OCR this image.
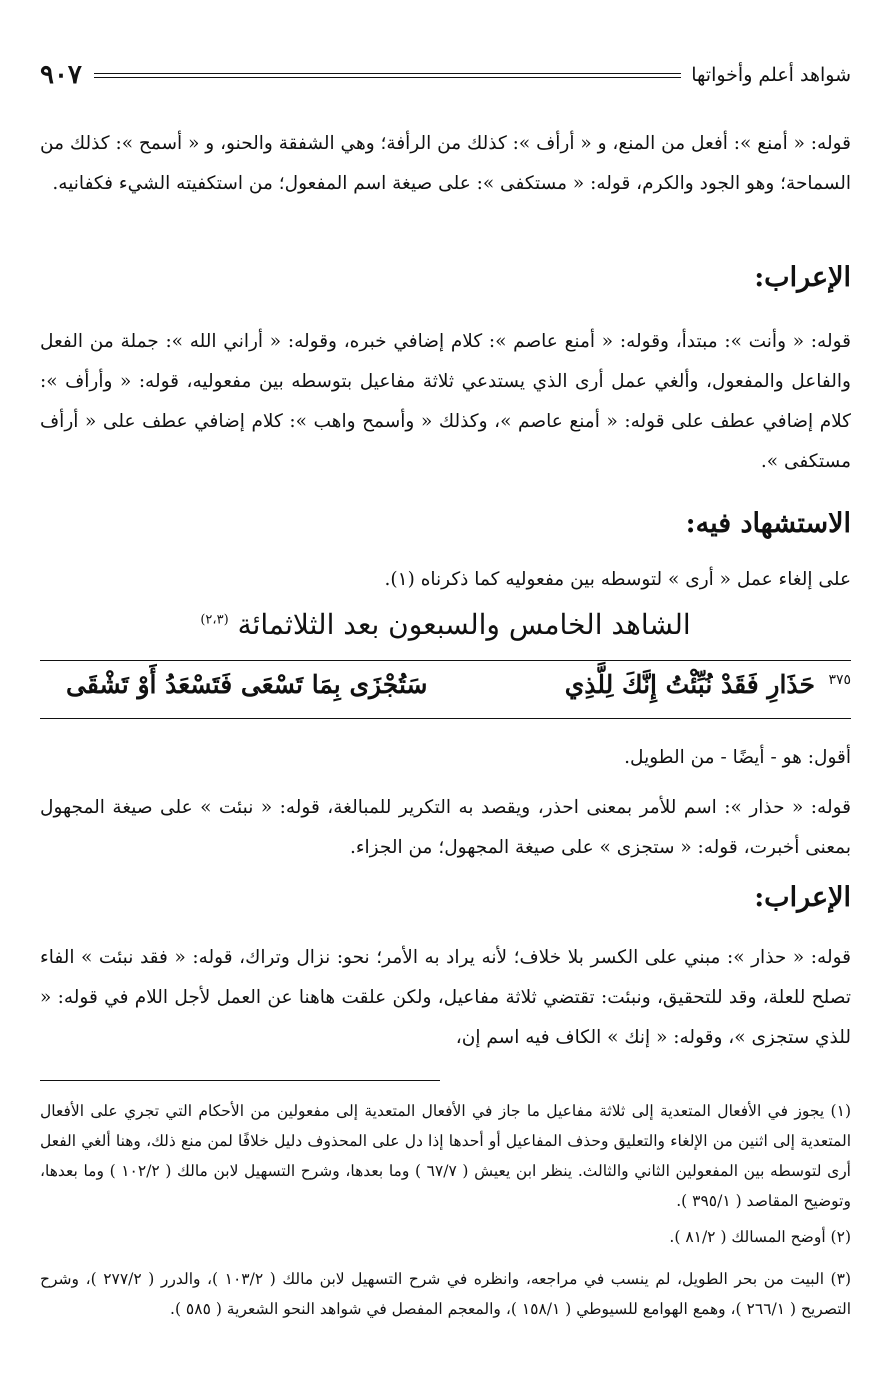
شواهد أعلم وأخواتها
٩٠٧
قوله: « أمنع »: أفعل من المنع، و « أرأف »: كذلك من الرأفة؛ وهي الشفقة والحنو، و « أسمح »: كذلك من السماحة؛ وهو الجود والكرم، قوله: « مستكفى »: على صيغة اسم المفعول؛ من استكفيته الشيء فكفانيه.
الإعراب:
قوله: « وأنت »: مبتدأ، وقوله: « أمنع عاصم »: كلام إضافي خبره، وقوله: « أراني الله »: جملة من الفعل والفاعل والمفعول، وألغي عمل أرى الذي يستدعي ثلاثة مفاعيل بتوسطه بين مفعوليه، قوله: « وأرأف »: كلام إضافي عطف على قوله: « أمنع عاصم »، وكذلك « وأسمح واهب »: كلام إضافي عطف على « أرأف مستكفى ».
الاستشهاد فيه:
على إلغاء عمل « أرى » لتوسطه بين مفعوليه كما ذكرناه (١).
الشاهد الخامس والسبعون بعد الثلاثمائة $^{(٢،٣)}$
٣٧٥
حَذَارِ فَقَدْ نُبِّئْتُ إِنَّكَ لِلَّذِي
سَتُجْزَى بِمَا تَسْعَى فَتَسْعَدُ أَوْ تَشْقَى
أقول: هو - أيضًا - من الطويل.
قوله: « حذار »: اسم للأمر بمعنى احذر، ويقصد به التكرير للمبالغة، قوله: « نبئت » على صيغة المجهول بمعنى أخبرت، قوله: « ستجزى » على صيغة المجهول؛ من الجزاء.
الإعراب:
قوله: « حذار »: مبني على الكسر بلا خلاف؛ لأنه يراد به الأمر؛ نحو: نزال وتراك، قوله: « فقد نبئت » الفاء تصلح للعلة، وقد للتحقيق، ونبئت: تقتضي ثلاثة مفاعيل، ولكن علقت هاهنا عن العمل لأجل اللام في قوله: « للذي ستجزى »، وقوله: « إنك » الكاف فيه اسم إن،
(١) يجوز في الأفعال المتعدية إلى ثلاثة مفاعيل ما جاز في الأفعال المتعدية إلى مفعولين من الأحكام التي تجري على الأفعال المتعدية إلى اثنين من الإلغاء والتعليق وحذف المفاعيل أو أحدها إذا دل على المحذوف دليل خلافًا لمن منع ذلك، وهنا ألغي الفعل أرى لتوسطه بين المفعولين الثاني والثالث. ينظر ابن يعيش ( ٦٧/٧ ) وما بعدها، وشرح التسهيل لابن مالك ( ١٠٢/٢ ) وما بعدها، وتوضيح المقاصد ( ٣٩٥/١ ).
(٢) أوضح المسالك ( ٨١/٢ ).
(٣) البيت من بحر الطويل، لم ينسب في مراجعه، وانظره في شرح التسهيل لابن مالك ( ١٠٣/٢ )، والدرر ( ٢٧٧/٢ )، وشرح التصريح ( ٢٦٦/١ )، وهمع الهوامع للسيوطي ( ١٥٨/١ )، والمعجم المفصل في شواهد النحو الشعرية ( ٥٨٥ ).
